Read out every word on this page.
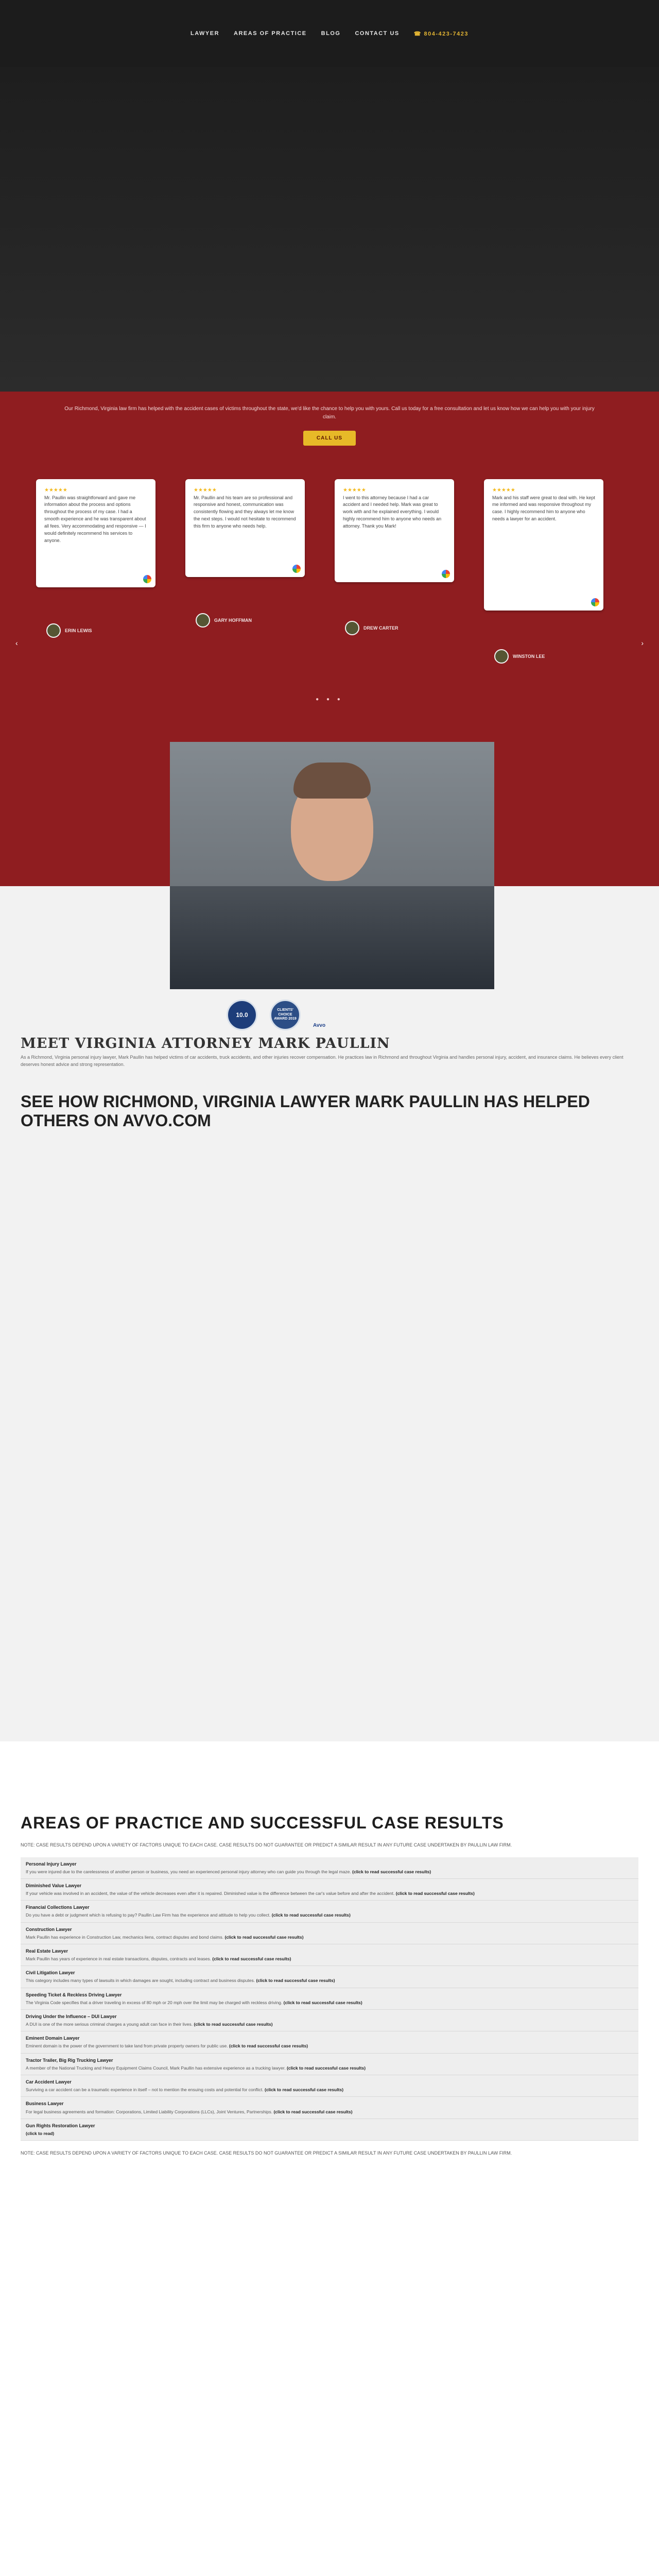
LAWYER	AREAS OF PRACTICE	BLOG	CONTACT US	☎ 804-423-7423

Our Richmond, Virginia law firm has helped with the accident cases of victims throughout the state, we'd like the chance to help you with yours. Call us today for a free consultation and let us know how we can help you with your injury claim.

CALL US
★★★★★

Mr. Paullin was straightforward and gave me information about the process and options throughout the process of my case. I had a smooth experience and he was transparent about all fees. Very accommodating and responsive — I would definitely recommend his services to anyone.

★★★★★

Mr. Paullin and his team are so professional and responsive and honest, communication was consistently flowing and they always let me know the next steps. I would not hesitate to recommend this firm to anyone who needs help.

★★★★★

I went to this attorney because I had a car accident and I needed help. Mark was great to work with and he explained everything. I would highly recommend him to anyone who needs an attorney. Thank you Mark!

★★★★★

Mark and his staff were great to deal with. He kept me informed and was responsive throughout my case. I highly recommend him to anyone who needs a lawyer for an accident.

ERIN LEWIS
GARY HOFFMAN
DREW CARTER
WINSTON LEE
‹	›
● ● ●
10.0
CLIENTS' CHOICE AWARD 2019
Avvo
MEET VIRGINIA ATTORNEY MARK PAULLIN

As a Richmond, Virginia personal injury lawyer, Mark Paullin has helped victims of car accidents, truck accidents, and other injuries recover compensation. He practices law in Richmond and throughout Virginia and handles personal injury, accident, and insurance claims. He believes every client deserves honest advice and strong representation.

SEE HOW RICHMOND, VIRGINIA LAWYER MARK PAULLIN HAS HELPED OTHERS ON AVVO.COM
AREAS OF PRACTICE AND SUCCESSFUL CASE RESULTS

NOTE: CASE RESULTS DEPEND UPON A VARIETY OF FACTORS UNIQUE TO EACH CASE. CASE RESULTS DO NOT GUARANTEE OR PREDICT A SIMILAR RESULT IN ANY FUTURE CASE UNDERTAKEN BY PAULLIN LAW FIRM.

Personal Injury Lawyer
If you were injured due to the carelessness of another person or business, you need an experienced personal injury attorney who can guide you through the legal maze. (click to read successful case results)
Diminished Value Lawyer
If your vehicle was involved in an accident, the value of the vehicle decreases even after it is repaired. Diminished value is the difference between the car's value before and after the accident. (click to read successful case results)
Financial Collections Lawyer
Do you have a debt or judgment which is refusing to pay? Paullin Law Firm has the experience and attitude to help you collect. (click to read successful case results)
Construction Lawyer
Mark Paullin has experience in Construction Law, mechanics liens, contract disputes and bond claims. (click to read successful case results)
Real Estate Lawyer
Mark Paullin has years of experience in real estate transactions, disputes, contracts and leases. (click to read successful case results)
Civil Litigation Lawyer
This category includes many types of lawsuits in which damages are sought, including contract and business disputes. (click to read successful case results)
Speeding Ticket & Reckless Driving Lawyer
The Virginia Code specifies that a driver traveling in excess of 80 mph or 20 mph over the limit may be charged with reckless driving. (click to read successful case results)
Driving Under the Influence – DUI Lawyer
A DUI is one of the more serious criminal charges a young adult can face in their lives. (click to read successful case results)
Eminent Domain Lawyer
Eminent domain is the power of the government to take land from private property owners for public use. (click to read successful case results)
Tractor Trailer, Big Rig Trucking Lawyer
A member of the National Trucking and Heavy Equipment Claims Council, Mark Paullin has extensive experience as a trucking lawyer. (click to read successful case results)
Car Accident Lawyer
Surviving a car accident can be a traumatic experience in itself – not to mention the ensuing costs and potential for conflict. (click to read successful case results)
Business Lawyer
For legal business agreements and formation: Corporations, Limited Liability Corporations (LLCs), Joint Ventures, Partnerships. (click to read successful case results)
Gun Rights Restoration Lawyer
(click to read)

NOTE: CASE RESULTS DEPEND UPON A VARIETY OF FACTORS UNIQUE TO EACH CASE. CASE RESULTS DO NOT GUARANTEE OR PREDICT A SIMILAR RESULT IN ANY FUTURE CASE UNDERTAKEN BY PAULLIN LAW FIRM.
